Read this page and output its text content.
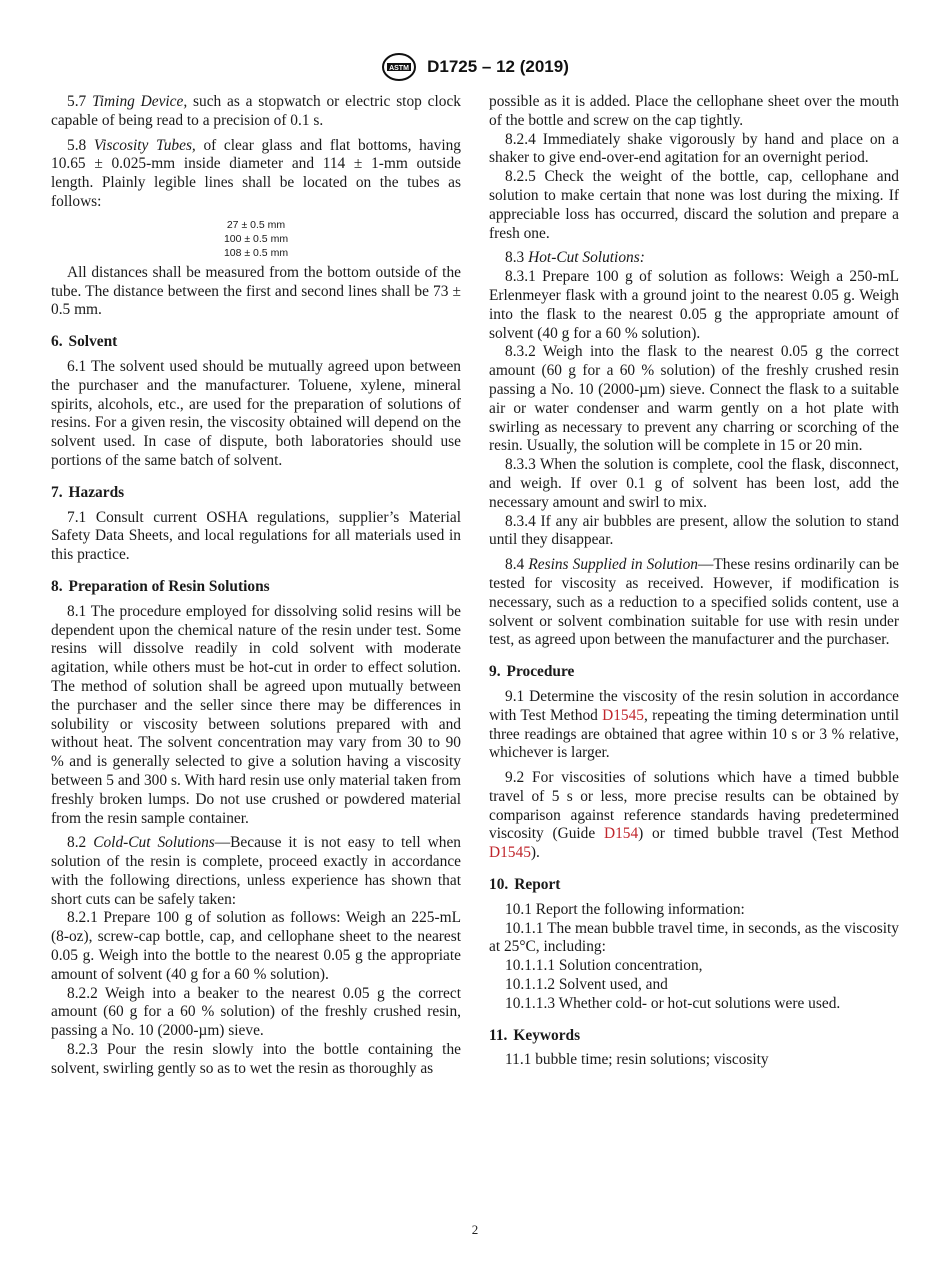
ASTM D1725 – 12 (2019)

5.7 Timing Device, such as a stopwatch or electric stop clock capable of being read to a precision of 0.1 s.

5.8 Viscosity Tubes, of clear glass and flat bottoms, having 10.65 ± 0.025-mm inside diameter and 114 ± 1-mm outside length. Plainly legible lines shall be located on the tubes as follows:

27 ± 0.5 mm
100 ± 0.5 mm
108 ± 0.5 mm

All distances shall be measured from the bottom outside of the tube. The distance between the first and second lines shall be 73 ± 0.5 mm.

6. Solvent

6.1 The solvent used should be mutually agreed upon between the purchaser and the manufacturer. Toluene, xylene, mineral spirits, alcohols, etc., are used for the preparation of solutions of resins. For a given resin, the viscosity obtained will depend on the solvent used. In case of dispute, both laboratories should use portions of the same batch of solvent.

7. Hazards

7.1 Consult current OSHA regulations, supplier’s Material Safety Data Sheets, and local regulations for all materials used in this practice.

8. Preparation of Resin Solutions

8.1 The procedure employed for dissolving solid resins will be dependent upon the chemical nature of the resin under test. Some resins will dissolve readily in cold solvent with moderate agitation, while others must be hot-cut in order to effect solution. The method of solution shall be agreed upon mutually between the purchaser and the seller since there may be differences in solubility or viscosity between solutions prepared with and without heat. The solvent concentration may vary from 30 to 90 % and is generally selected to give a solution having a viscosity between 5 and 300 s. With hard resin use only material taken from freshly broken lumps. Do not use crushed or powdered material from the resin sample container.

8.2 Cold-Cut Solutions—Because it is not easy to tell when solution of the resin is complete, proceed exactly in accordance with the following directions, unless experience has shown that short cuts can be safely taken:

8.2.1 Prepare 100 g of solution as follows: Weigh an 225-mL (8-oz), screw-cap bottle, cap, and cellophane sheet to the nearest 0.05 g. Weigh into the bottle to the nearest 0.05 g the appropriate amount of solvent (40 g for a 60 % solution).

8.2.2 Weigh into a beaker to the nearest 0.05 g the correct amount (60 g for a 60 % solution) of the freshly crushed resin, passing a No. 10 (2000-µm) sieve.

8.2.3 Pour the resin slowly into the bottle containing the solvent, swirling gently so as to wet the resin as thoroughly as

possible as it is added. Place the cellophane sheet over the mouth of the bottle and screw on the cap tightly.

8.2.4 Immediately shake vigorously by hand and place on a shaker to give end-over-end agitation for an overnight period.

8.2.5 Check the weight of the bottle, cap, cellophane and solution to make certain that none was lost during the mixing. If appreciable loss has occurred, discard the solution and prepare a fresh one.

8.3 Hot-Cut Solutions:

8.3.1 Prepare 100 g of solution as follows: Weigh a 250-mL Erlenmeyer flask with a ground joint to the nearest 0.05 g. Weigh into the flask to the nearest 0.05 g the appropriate amount of solvent (40 g for a 60 % solution).

8.3.2 Weigh into the flask to the nearest 0.05 g the correct amount (60 g for a 60 % solution) of the freshly crushed resin passing a No. 10 (2000-µm) sieve. Connect the flask to a suitable air or water condenser and warm gently on a hot plate with swirling as necessary to prevent any charring or scorching of the resin. Usually, the solution will be complete in 15 or 20 min.

8.3.3 When the solution is complete, cool the flask, disconnect, and weigh. If over 0.1 g of solvent has been lost, add the necessary amount and swirl to mix.

8.3.4 If any air bubbles are present, allow the solution to stand until they disappear.

8.4 Resins Supplied in Solution—These resins ordinarily can be tested for viscosity as received. However, if modification is necessary, such as a reduction to a specified solids content, use a solvent or solvent combination suitable for use with resin under test, as agreed upon between the manufacturer and the purchaser.

9. Procedure

9.1 Determine the viscosity of the resin solution in accordance with Test Method D1545, repeating the timing determination until three readings are obtained that agree within 10 s or 3 % relative, whichever is larger.

9.2 For viscosities of solutions which have a timed bubble travel of 5 s or less, more precise results can be obtained by comparison against reference standards having predetermined viscosity (Guide D154) or timed bubble travel (Test Method D1545).

10. Report

10.1 Report the following information:

10.1.1 The mean bubble travel time, in seconds, as the viscosity at 25°C, including:

10.1.1.1 Solution concentration,

10.1.1.2 Solvent used, and

10.1.1.3 Whether cold- or hot-cut solutions were used.

11. Keywords

11.1 bubble time; resin solutions; viscosity

2
